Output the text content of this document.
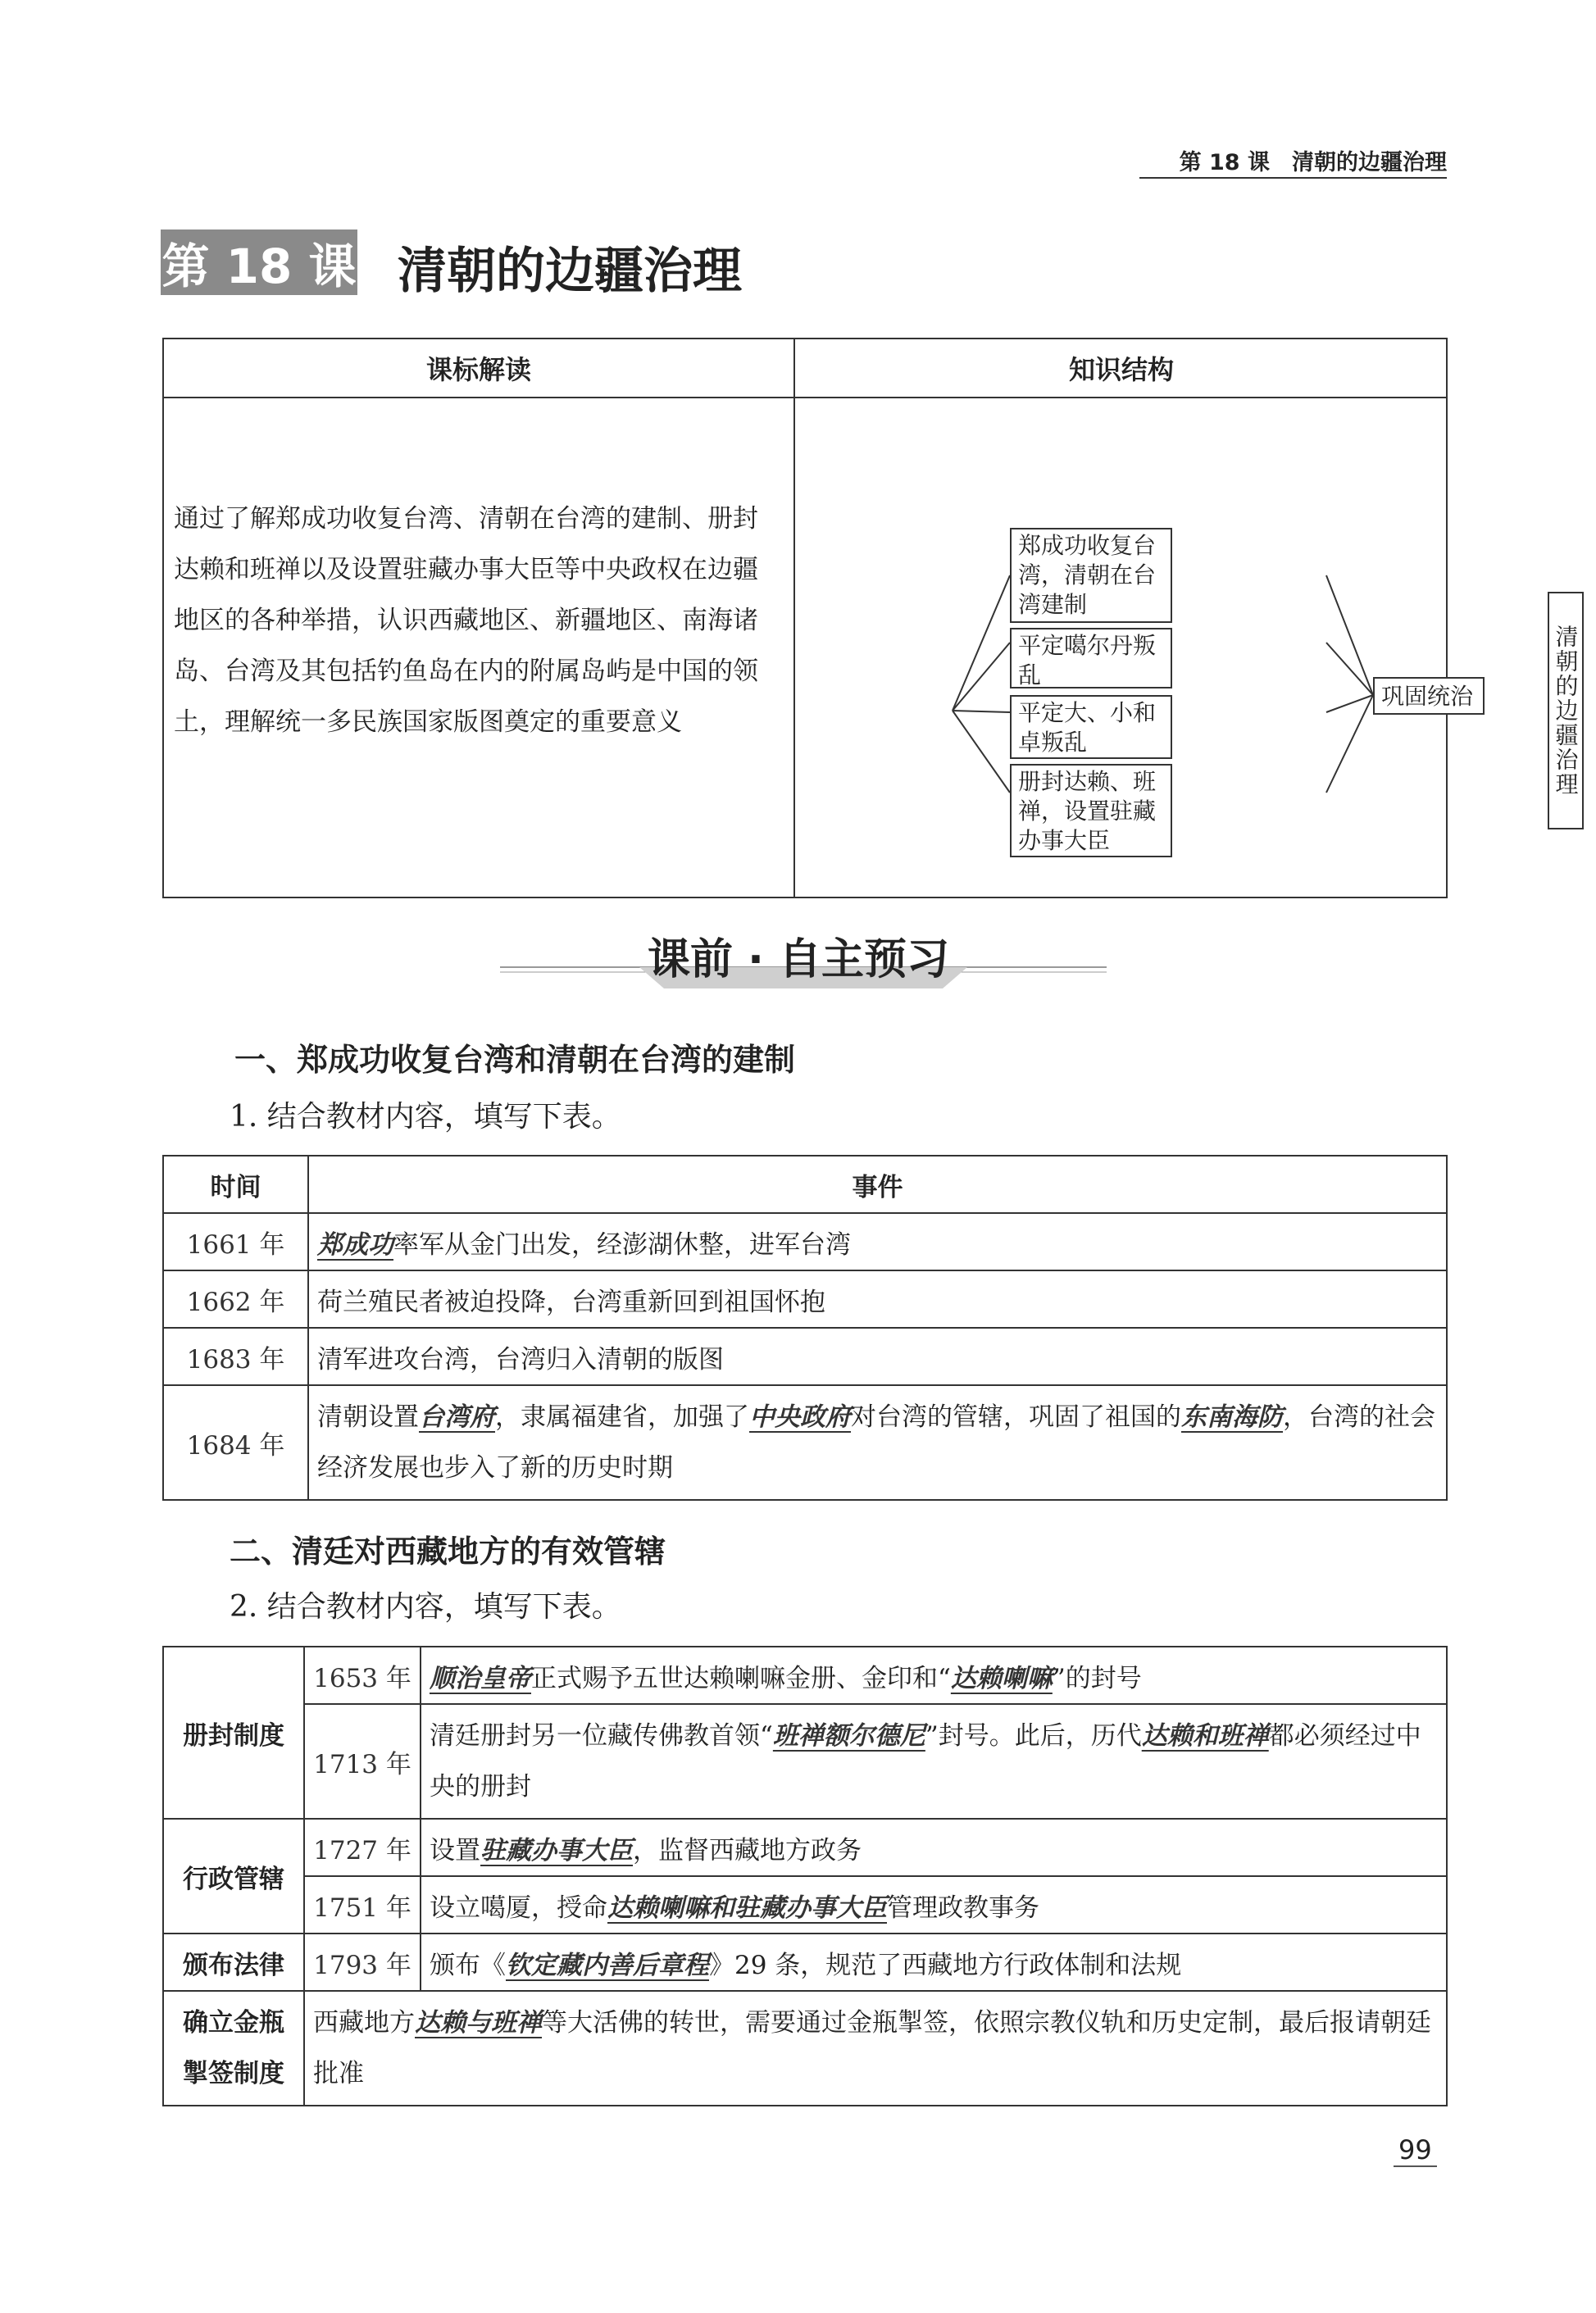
第 18 课　清朝的边疆治理
第 18 课 清朝的边疆治理
课标解读	知识结构
通过了解郑成功收复台湾、清朝在台湾的建制、册封达赖和班禅以及设置驻藏办事大臣等中央政权在边疆地区的各种举措，认识西藏地区、新疆地区、南海诸岛、台湾及其包括钓鱼岛在内的附属岛屿是中国的领土，理解统一多民族国家版图奠定的重要意义	清朝的边疆治理
郑成功收复台湾，清朝在台湾建制
平定噶尔丹叛乱
平定大、小和卓叛乱
册封达赖、班禅，设置驻藏办事大臣
巩固统治
课前 · 自主预习
一、郑成功收复台湾和清朝在台湾的建制
1. 结合教材内容，填写下表。
时间	事件
1661 年	郑成功率军从金门出发，经澎湖休整，进军台湾
1662 年	荷兰殖民者被迫投降，台湾重新回到祖国怀抱
1683 年	清军进攻台湾，台湾归入清朝的版图
1684 年	清朝设置台湾府，隶属福建省，加强了中央政府对台湾的管辖，巩固了祖国的东南海防，台湾的社会经济发展也步入了新的历史时期
二、清廷对西藏地方的有效管辖
2. 结合教材内容，填写下表。
册封制度	1653 年	顺治皇帝正式赐予五世达赖喇嘛金册、金印和“达赖喇嘛”的封号
	1713 年	清廷册封另一位藏传佛教首领“班禅额尔德尼”封号。此后，历代达赖和班禅都必须经过中央的册封
行政管辖	1727 年	设置驻藏办事大臣，监督西藏地方政务
	1751 年	设立噶厦，授命达赖喇嘛和驻藏办事大臣管理政教事务
颁布法律	1793 年	颁布《钦定藏内善后章程》29 条，规范了西藏地方行政体制和法规
确立金瓶
掣签制度	西藏地方达赖与班禅等大活佛的转世，需要通过金瓶掣签，依照宗教仪轨和历史定制，最后报请朝廷批准	
99
